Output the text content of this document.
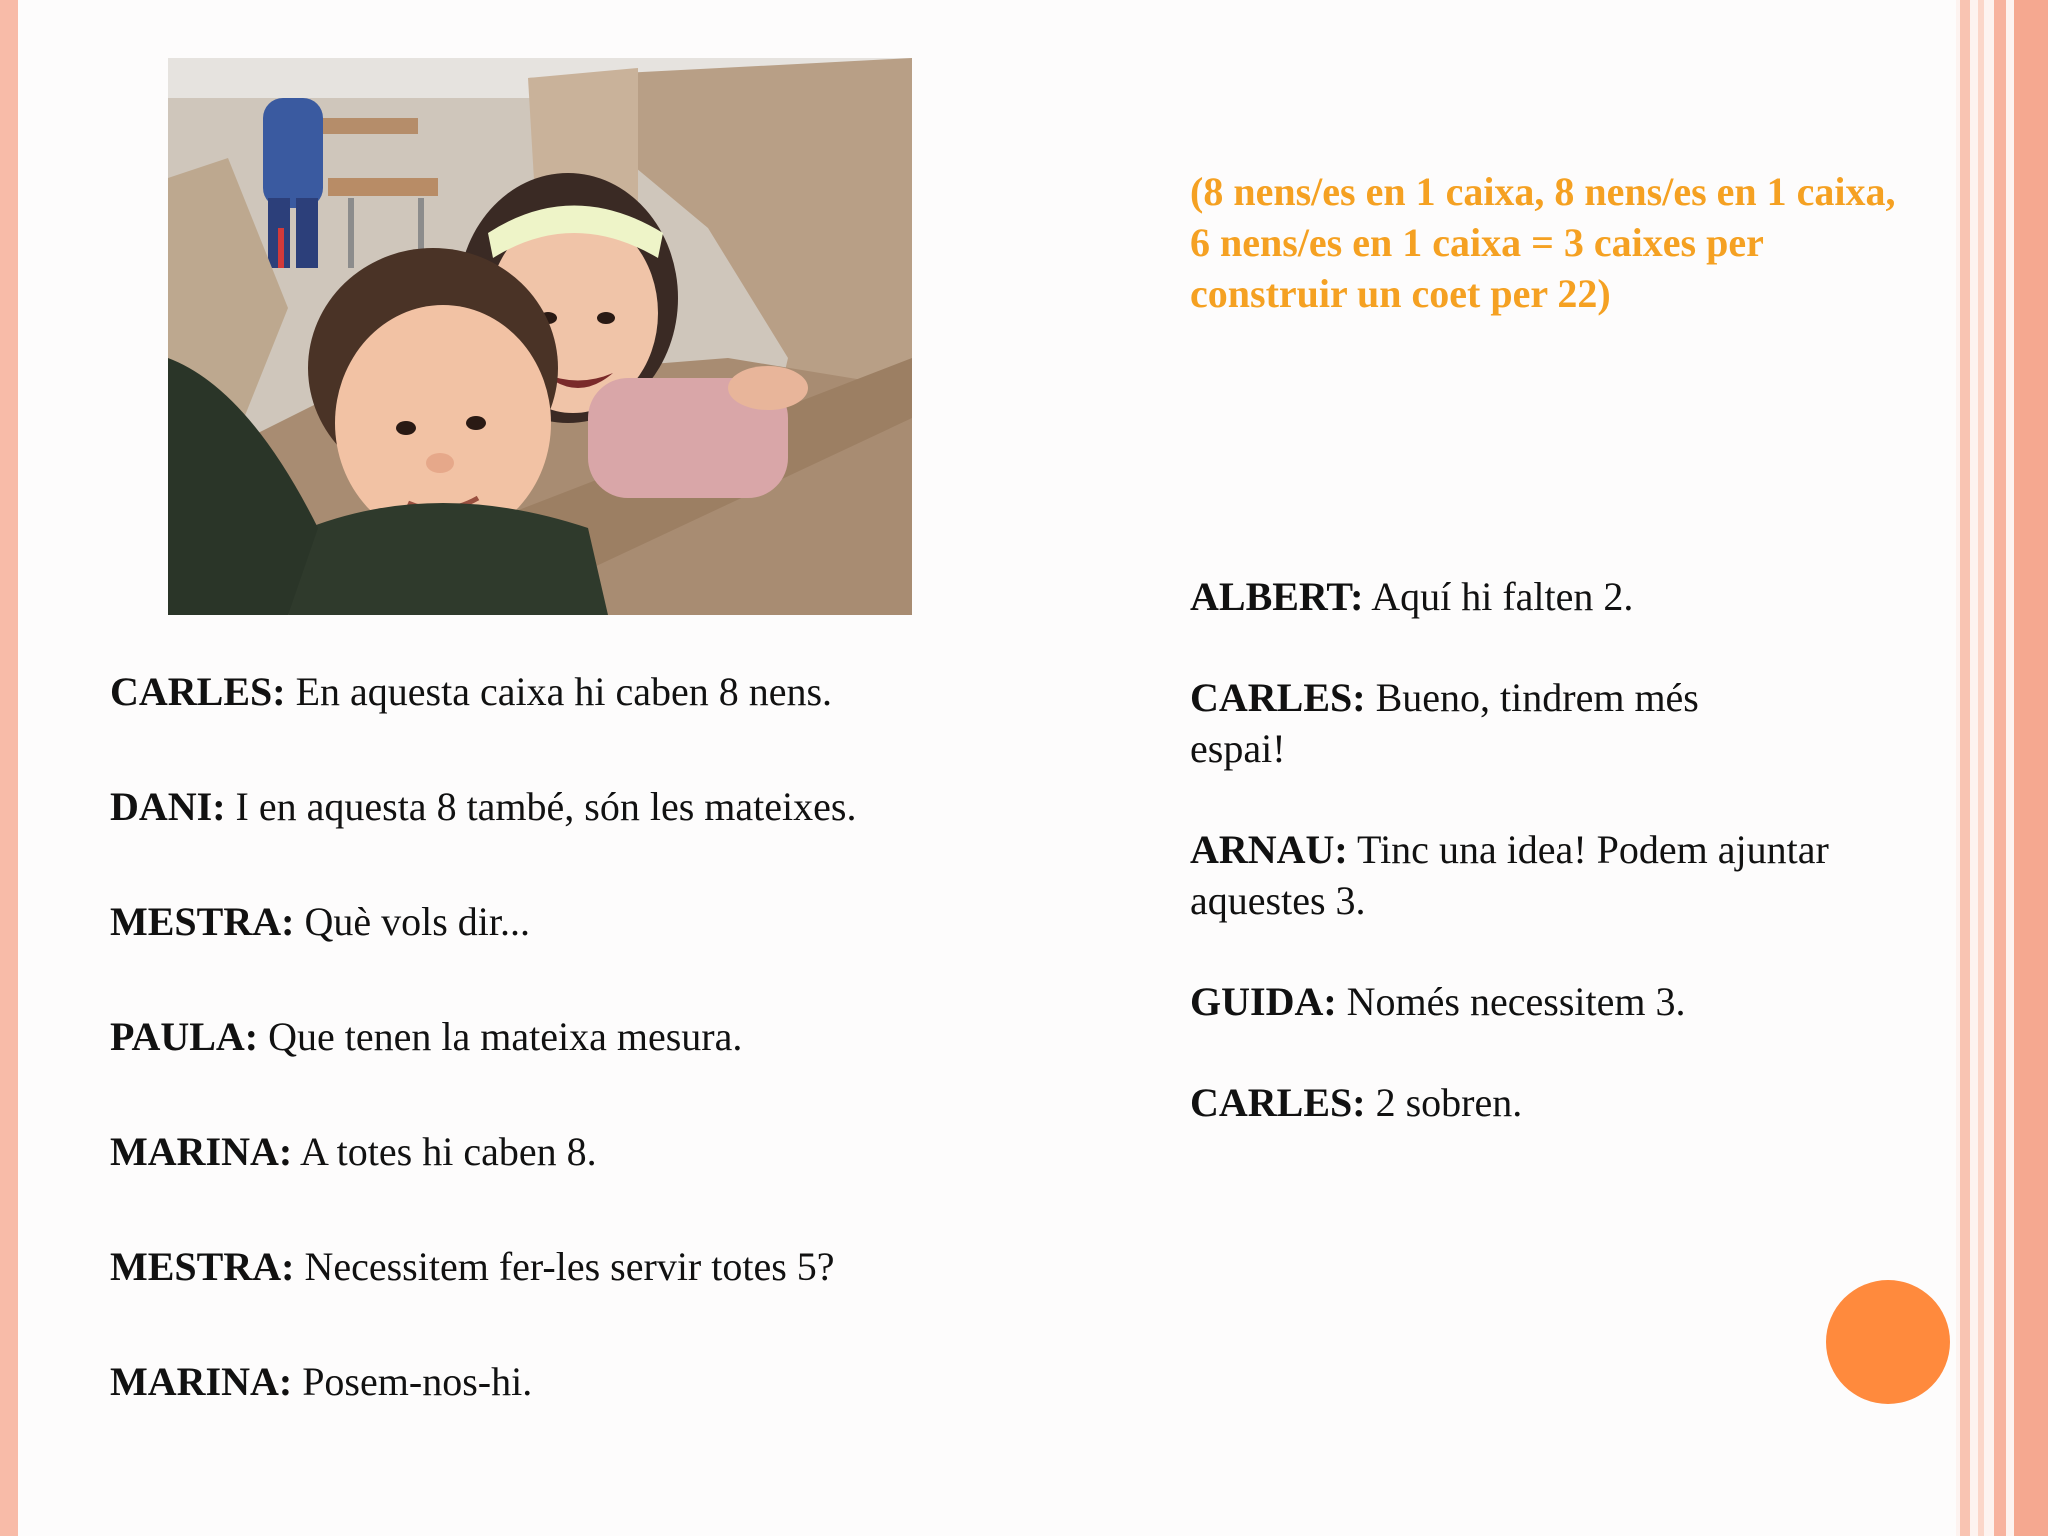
(8 nens/es en 1 caixa, 8 nens/es en 1 caixa, 6 nens/es en 1 caixa = 3 caixes per construir un coet per 22)

CARLES: En aquesta caixa hi caben 8 nens.

DANI: I en aquesta 8 també, són les mateixes.

MESTRA: Què vols dir...

PAULA: Que tenen la mateixa mesura.

MARINA: A totes hi caben 8.

MESTRA: Necessitem fer-les servir totes 5?

MARINA: Posem-nos-hi.

ALBERT: Aquí hi falten 2.

CARLES: Bueno, tindrem més espai!

ARNAU: Tinc una idea! Podem ajuntar aquestes 3.

GUIDA: Només necessitem 3.

CARLES: 2 sobren.
